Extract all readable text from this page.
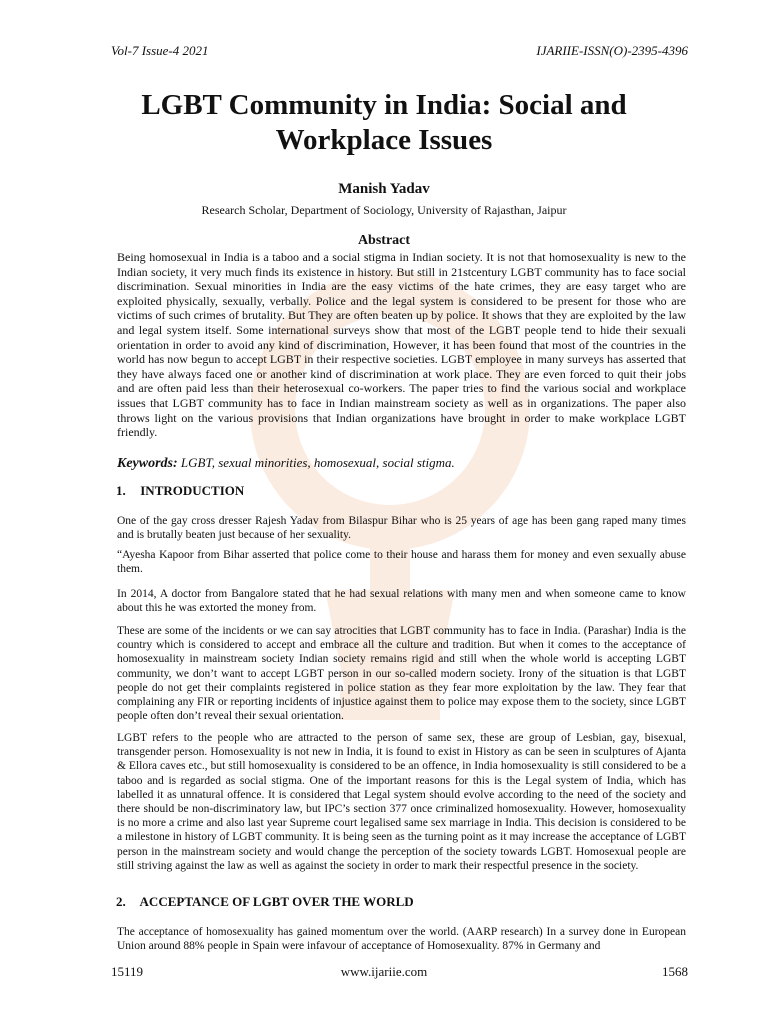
Vol-7 Issue-4 2021	IJARIIE-ISSN(O)-2395-4396
LGBT Community in India: Social and Workplace Issues
Manish Yadav
Research Scholar, Department of Sociology, University of Rajasthan, Jaipur
Abstract

Being homosexual in India is a taboo and a social stigma in Indian society. It is not that homosexuality is new to the Indian society, it very much finds its existence in history. But still in 21stcentury LGBT community has to face social discrimination. Sexual minorities in India are the easy victims of the hate crimes, they are easy target who are exploited physically, sexually, verbally. Police and the legal system is considered to be present for those who are victims of such crimes of brutality. But They are often beaten up by police. It shows that they are exploited by the law and legal system itself. Some international surveys show that most of the LGBT people tend to hide their sexuali orientation in order to avoid any kind of discrimination, However, it has been found that most of the countries in the world has now begun to accept LGBT in their respective societies. LGBT employee in many surveys has asserted that they have always faced one or another kind of discrimination at work place. They are even forced to quit their jobs and are often paid less than their heterosexual co-workers. The paper tries to find the various social and workplace issues that LGBT community has to face in Indian mainstream society as well as in organizations. The paper also throws light on the various provisions that Indian organizations have brought in order to make workplace LGBT friendly.

Keywords: LGBT, sexual minorities, homosexual, social stigma.
1. INTRODUCTION

One of the gay cross dresser Rajesh Yadav from Bilaspur Bihar who is 25 years of age has been gang raped many times and is brutally beaten just because of her sexuality.

“Ayesha Kapoor from Bihar asserted that police come to their house and harass them for money and even sexually abuse them.

In 2014, A doctor from Bangalore stated that he had sexual relations with many men and when someone came to know about this he was extorted the money from.

These are some of the incidents or we can say atrocities that LGBT community has to face in India. (Parashar) India is the country which is considered to accept and embrace all the culture and tradition. But when it comes to the acceptance of homosexuality in mainstream society Indian society remains rigid and still when the whole world is accepting LGBT community, we don’t want to accept LGBT person in our so-called modern society. Irony of the situation is that LGBT people do not get their complaints registered in police station as they fear more exploitation by the law. They fear that complaining any FIR or reporting incidents of injustice against them to police may expose them to the society, since LGBT people often don’t reveal their sexual orientation.

LGBT refers to the people who are attracted to the person of same sex, these are group of Lesbian, gay, bisexual, transgender person. Homosexuality is not new in India, it is found to exist in History as can be seen in sculptures of Ajanta & Ellora caves etc., but still homosexuality is considered to be an offence, in India homosexuality is still considered to be a taboo and is regarded as social stigma. One of the important reasons for this is the Legal system of India, which has labelled it as unnatural offence. It is considered that Legal system should evolve according to the need of the society and there should be non-discriminatory law, but IPC’s section 377 once criminalized homosexuality. However, homosexuality is no more a crime and also last year Supreme court legalised same sex marriage in India. This decision is considered to be a milestone in history of LGBT community. It is being seen as the turning point as it may increase the acceptance of LGBT person in the mainstream society and would change the perception of the society towards LGBT. Homosexual people are still striving against the law as well as against the society in order to mark their respectful presence in the society.

2. ACCEPTANCE OF LGBT OVER THE WORLD

The acceptance of homosexuality has gained momentum over the world. (AARP research) In a survey done in European Union around 88% people in Spain were infavour of acceptance of Homosexuality. 87% in Germany and

15119	www.ijariie.com	1568
